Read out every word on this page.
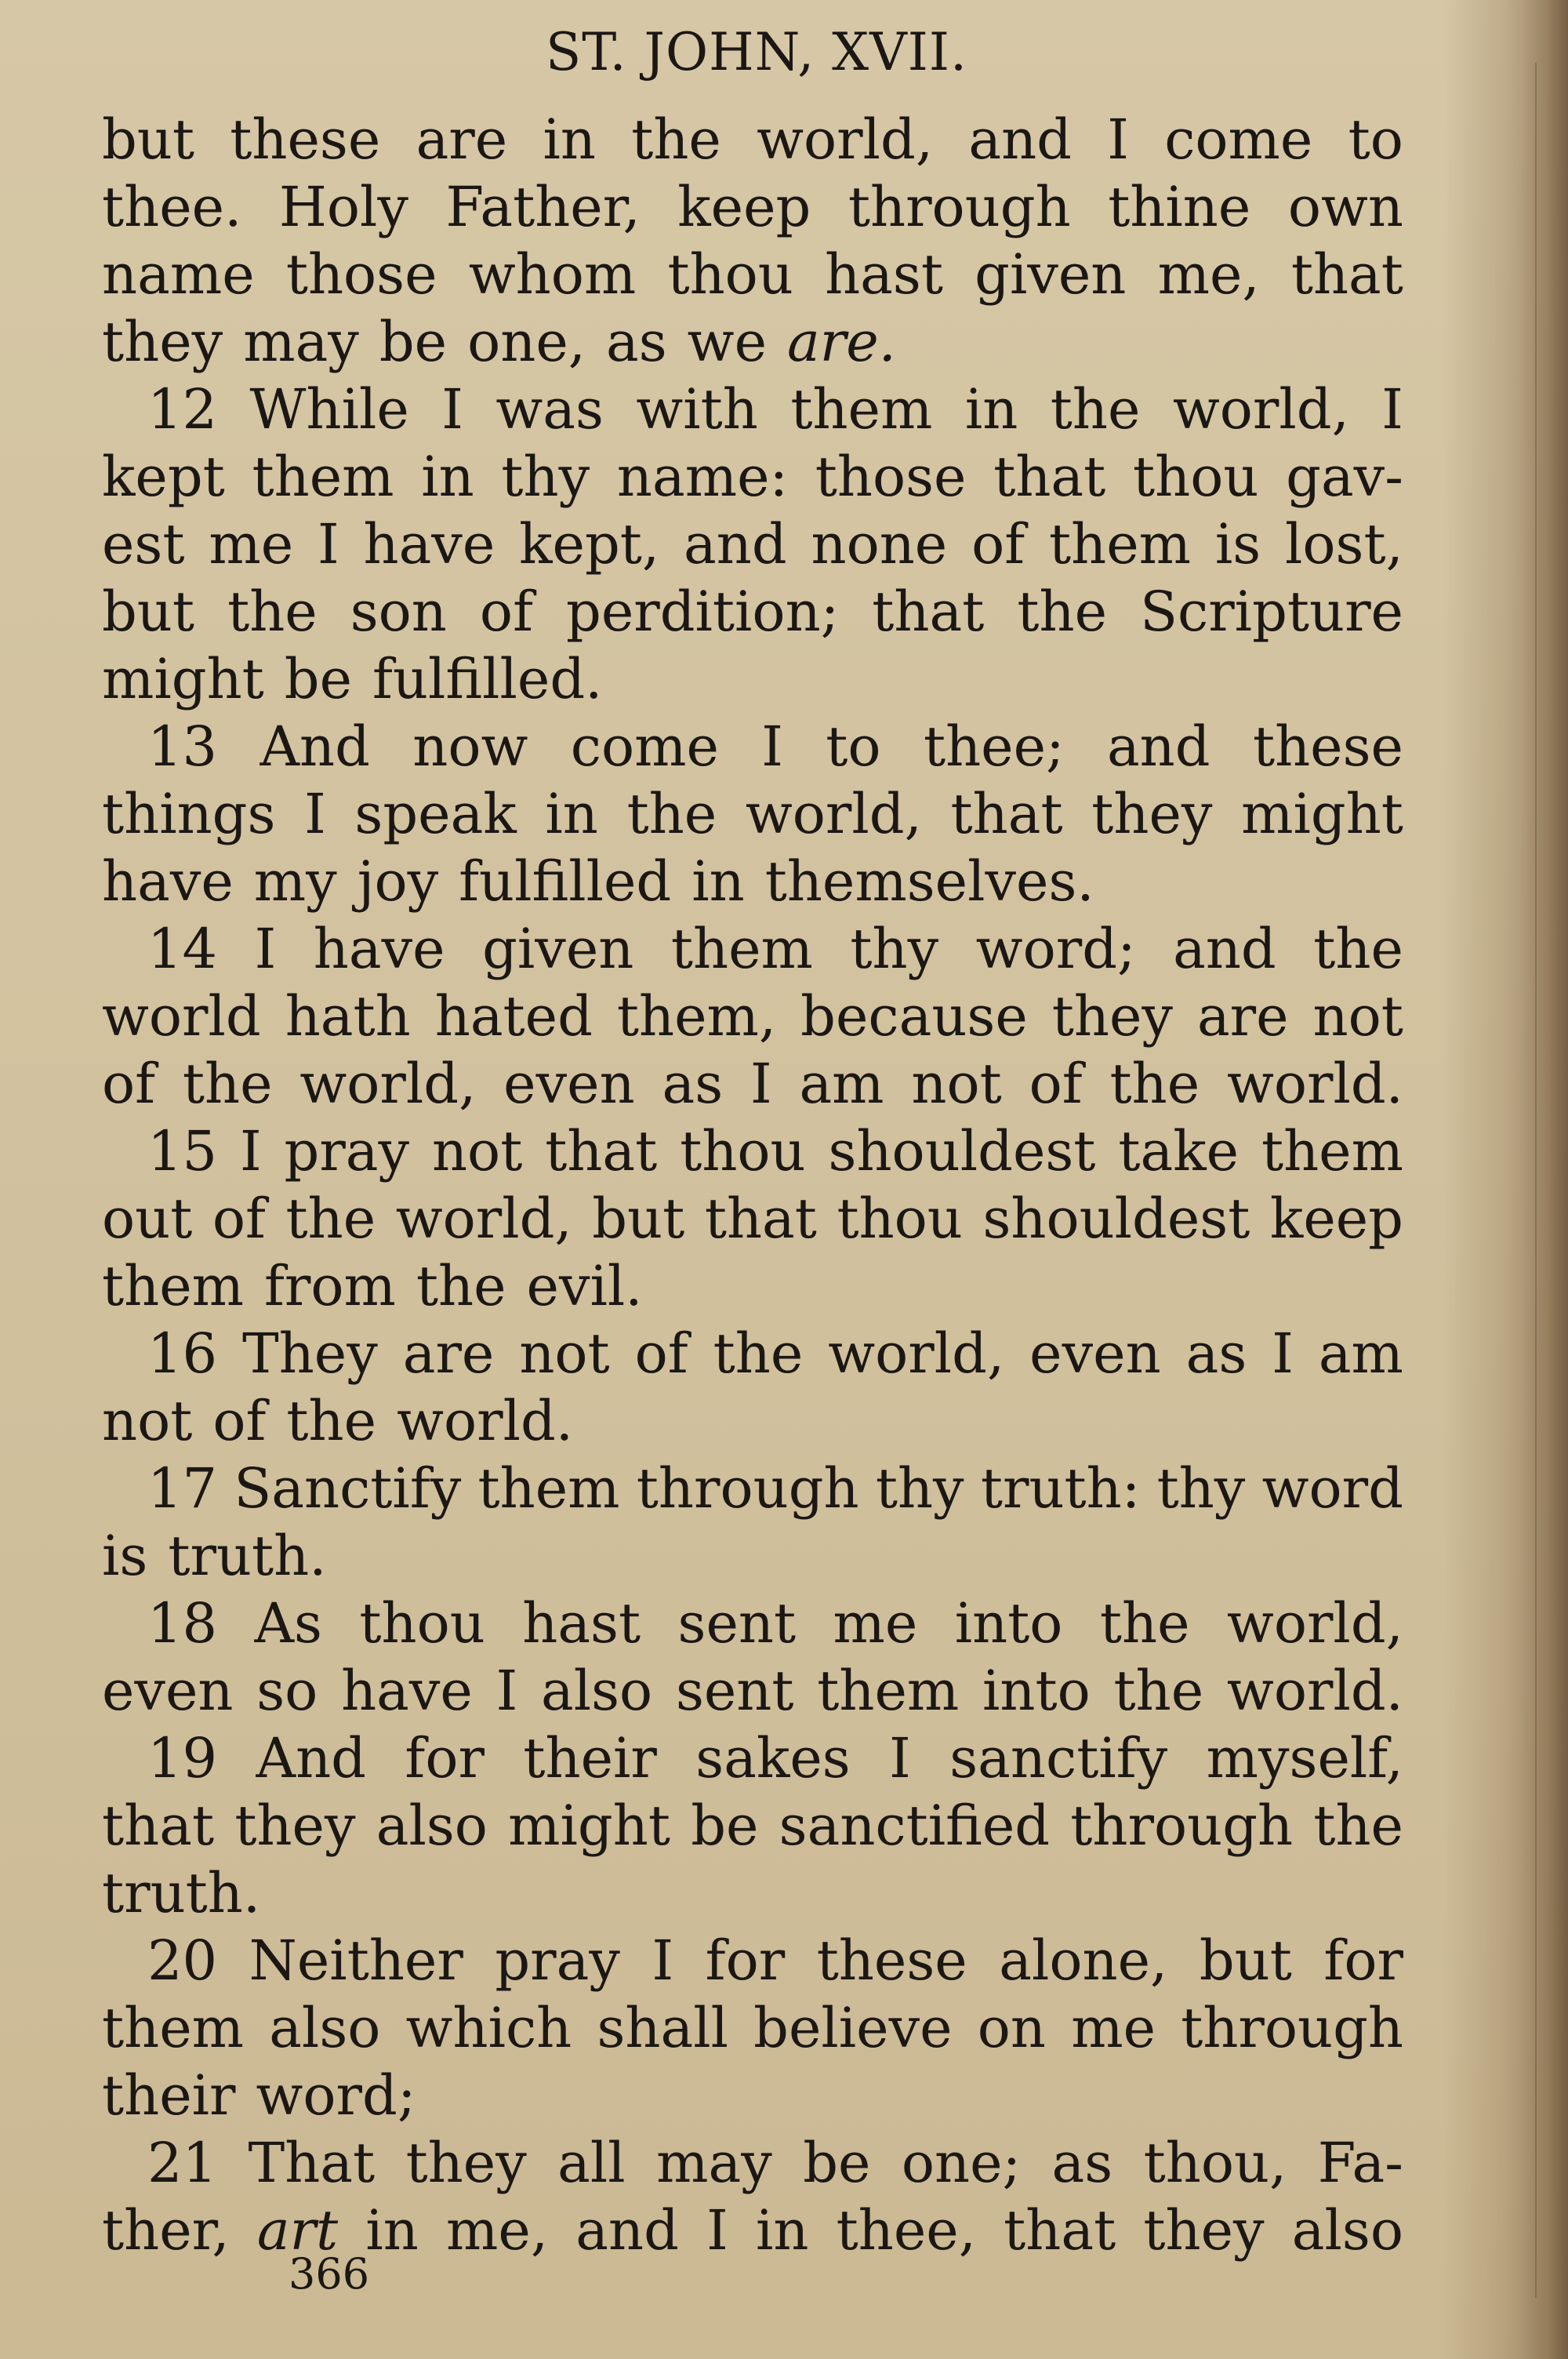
ST. JOHN, XVII.
but these are in the world, and I come to
thee. Holy Father, keep through thine own
name those whom thou hast given me, that
they may be one, as we are.
12 While I was with them in the world, I
kept them in thy name: those that thou gav-
est me I have kept, and none of them is lost,
but the son of perdition; that the Scripture
might be fulfilled.
13 And now come I to thee; and these
things I speak in the world, that they might
have my joy fulfilled in themselves.
14 I have given them thy word; and the
world hath hated them, because they are not
of the world, even as I am not of the world.
15 I pray not that thou shouldest take them
out of the world, but that thou shouldest keep
them from the evil.
16 They are not of the world, even as I am
not of the world.
17 Sanctify them through thy truth: thy word
is truth.
18 As thou hast sent me into the world,
even so have I also sent them into the world.
19 And for their sakes I sanctify myself,
that they also might be sanctified through the
truth.
20 Neither pray I for these alone, but for
them also which shall believe on me through
their word;
21 That they all may be one; as thou, Fa-
ther, art in me, and I in thee, that they also
366
